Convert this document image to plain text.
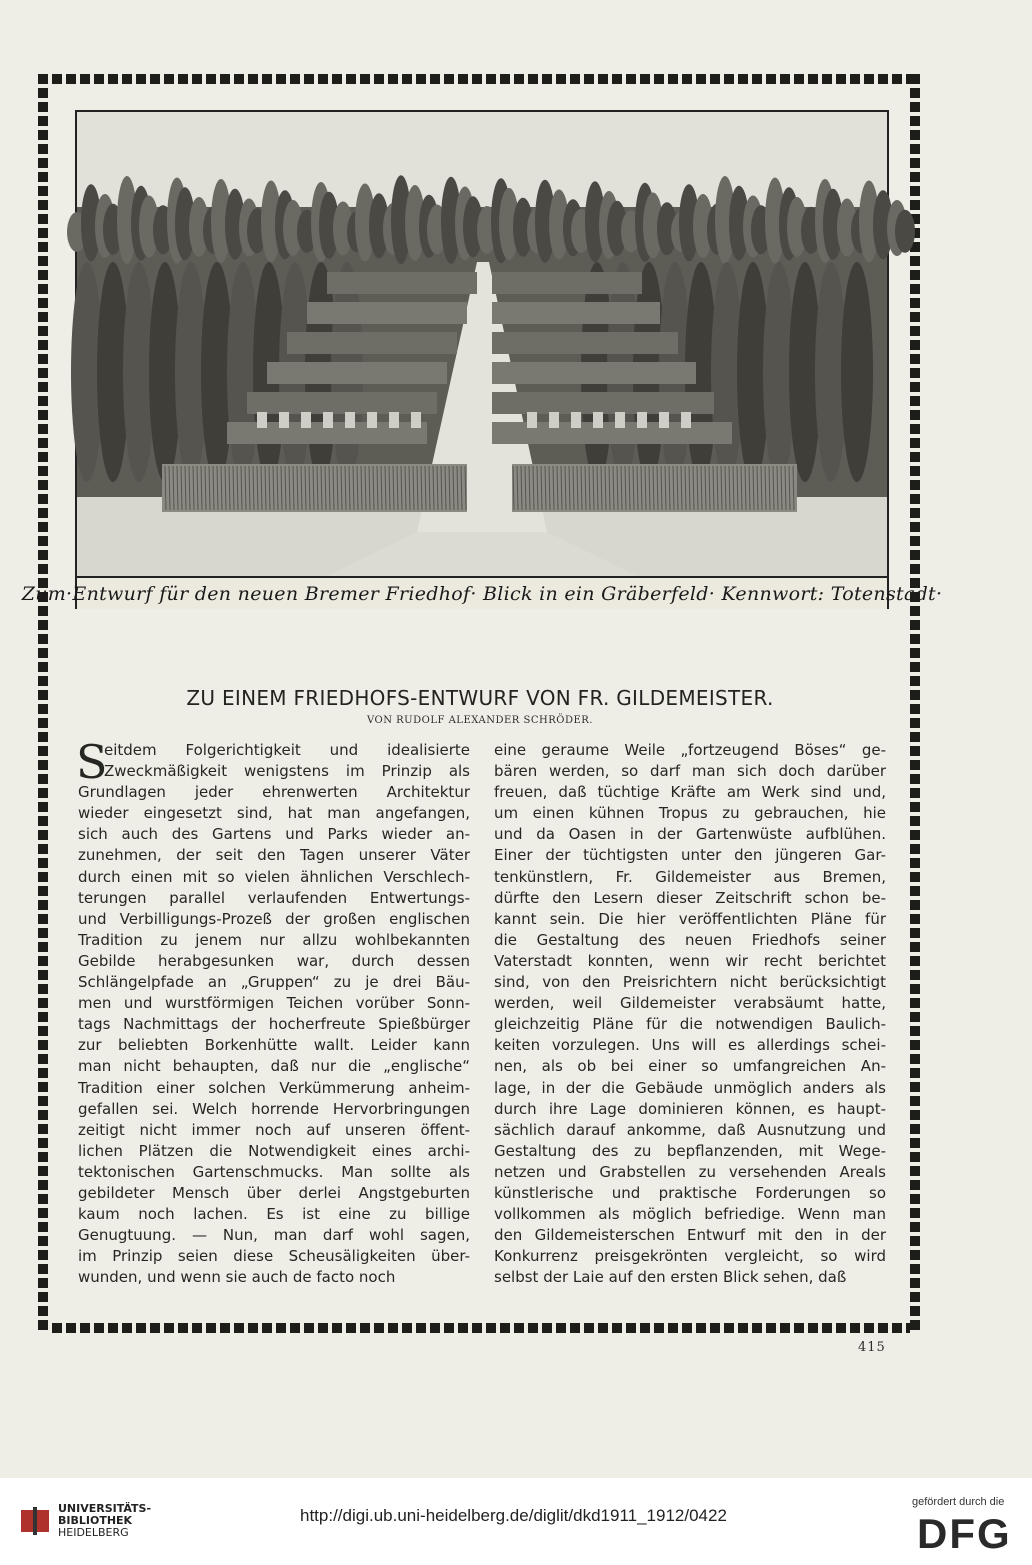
Zum·Entwurf für den neuen Bremer Friedhof· Blick in ein Gräberfeld· Kennwort: Totenstadt·
ZU EINEM FRIEDHOFS-ENTWURF VON FR. GILDEMEISTER.
VON RUDOLF ALEXANDER SCHRÖDER.
S
eitdem Folgerichtigkeit und idealisierte
Zweckmäßigkeit wenigstens im Prinzip als
Grundlagen jeder ehrenwerten Architektur
wieder eingesetzt sind, hat man angefangen,
sich auch des Gartens und Parks wieder an-
zunehmen, der seit den Tagen unserer Väter
durch einen mit so vielen ähnlichen Verschlech-
terungen parallel verlaufenden Entwertungs-
und Verbilligungs-Prozeß der großen englischen
Tradition zu jenem nur allzu wohlbekannten
Gebilde herabgesunken war, durch dessen
Schlängelpfade an „Gruppen“ zu je drei Bäu-
men und wurstförmigen Teichen vorüber Sonn-
tags Nachmittags der hocherfreute Spießbürger
zur beliebten Borkenhütte wallt. Leider kann
man nicht behaupten, daß nur die „englische“
Tradition einer solchen Verkümmerung anheim-
gefallen sei. Welch horrende Hervorbringungen
zeitigt nicht immer noch auf unseren öffent-
lichen Plätzen die Notwendigkeit eines archi-
tektonischen Gartenschmucks. Man sollte als
gebildeter Mensch über derlei Angstgeburten
kaum noch lachen. Es ist eine zu billige
Genugtuung. — Nun, man darf wohl sagen,
im Prinzip seien diese Scheusäligkeiten über-
wunden, und wenn sie auch de facto noch
eine geraume Weile „fortzeugend Böses“ ge-
bären werden, so darf man sich doch darüber
freuen, daß tüchtige Kräfte am Werk sind und,
um einen kühnen Tropus zu gebrauchen, hie
und da Oasen in der Gartenwüste aufblühen.
Einer der tüchtigsten unter den jüngeren Gar-
tenkünstlern, Fr. Gildemeister aus Bremen,
dürfte den Lesern dieser Zeitschrift schon be-
kannt sein. Die hier veröffentlichten Pläne für
die Gestaltung des neuen Friedhofs seiner
Vaterstadt konnten, wenn wir recht berichtet
sind, von den Preisrichtern nicht berücksichtigt
werden, weil Gildemeister verabsäumt hatte,
gleichzeitig Pläne für die notwendigen Baulich-
keiten vorzulegen. Uns will es allerdings schei-
nen, als ob bei einer so umfangreichen An-
lage, in der die Gebäude unmöglich anders als
durch ihre Lage dominieren können, es haupt-
sächlich darauf ankomme, daß Ausnutzung und
Gestaltung des zu bepflanzenden, mit Wege-
netzen und Grabstellen zu versehenden Areals
künstlerische und praktische Forderungen so
vollkommen als möglich befriedige. Wenn man
den Gildemeisterschen Entwurf mit den in der
Konkurrenz preisgekrönten vergleicht, so wird
selbst der Laie auf den ersten Blick sehen, daß
415
UNIVERSITÄTS-
BIBLIOTHEK
HEIDELBERG
http://digi.ub.uni-heidelberg.de/diglit/dkd1911_1912/0422
gefördert durch die
DFG
